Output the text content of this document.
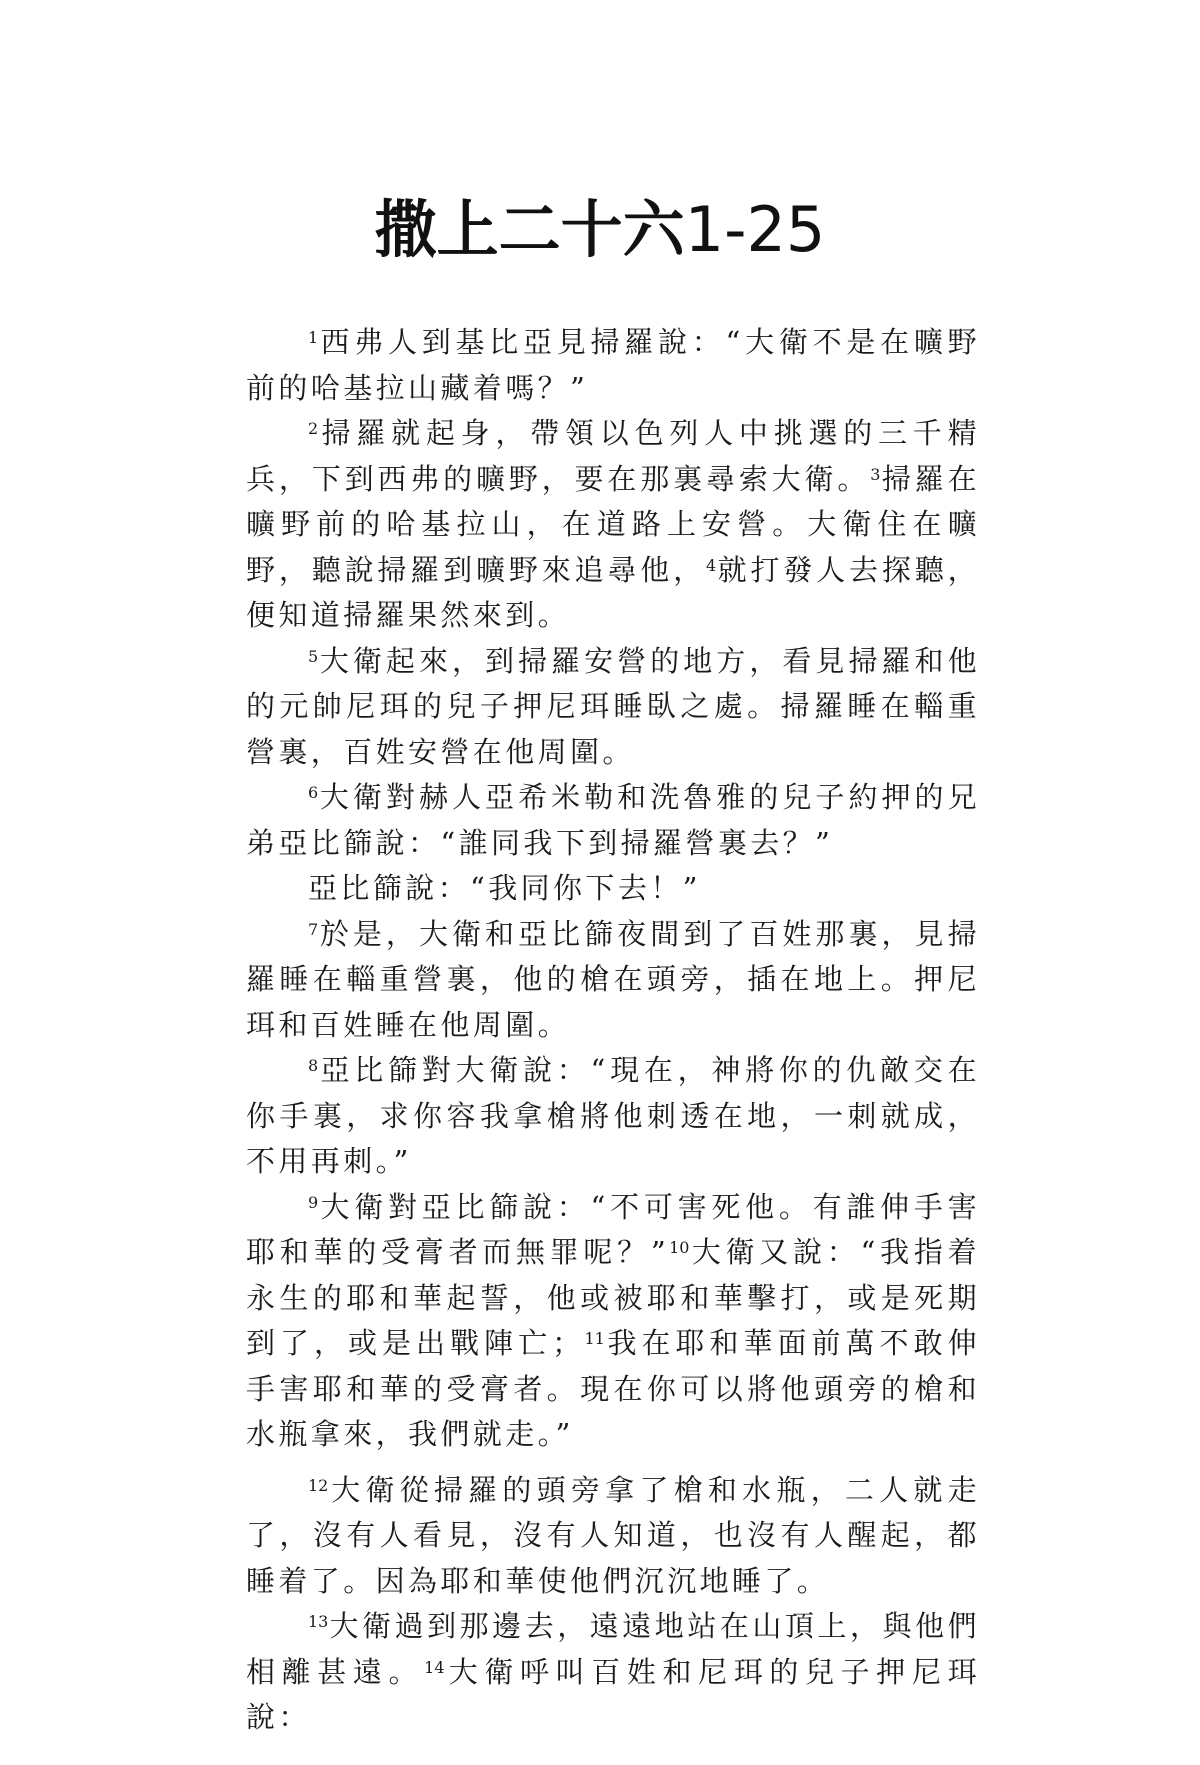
撒上二十六1-25

$^1$西弗人到基比亞見掃羅說：“大衛不是在曠野前的哈基拉山藏着嗎？”

$^2$掃羅就起身，帶領以色列人中挑選的三千精兵，下到西弗的曠野，要在那裏尋索大衛。$^3$掃羅在曠野前的哈基拉山，在道路上安營。大衛住在曠野，聽說掃羅到曠野來追尋他，$^4$就打發人去探聽，便知道掃羅果然來到。

$^5$大衛起來，到掃羅安營的地方，看見掃羅和他的元帥尼珥的兒子押尼珥睡臥之處。掃羅睡在輜重營裏，百姓安營在他周圍。

$^6$大衛對赫人亞希米勒和洗魯雅的兒子約押的兄弟亞比篩說：“誰同我下到掃羅營裏去？”

亞比篩說：“我同你下去！”

$^7$於是，大衛和亞比篩夜間到了百姓那裏，見掃羅睡在輜重營裏，他的槍在頭旁，插在地上。押尼珥和百姓睡在他周圍。

$^8$亞比篩對大衛說：“現在，神將你的仇敵交在你手裏，求你容我拿槍將他刺透在地，一刺就成，不用再刺。”

$^9$大衛對亞比篩說：“不可害死他。有誰伸手害耶和華的受膏者而無罪呢？”$^{10}$大衛又說：“我指着永生的耶和華起誓，他或被耶和華擊打，或是死期到了，或是出戰陣亡；$^{11}$我在耶和華面前萬不敢伸手害耶和華的受膏者。現在你可以將他頭旁的槍和水瓶拿來，我們就走。”

$^{12}$大衛從掃羅的頭旁拿了槍和水瓶，二人就走了，沒有人看見，沒有人知道，也沒有人醒起，都睡着了。因為耶和華使他們沉沉地睡了。

$^{13}$大衛過到那邊去，遠遠地站在山頂上，與他們相離甚遠。$^{14}$大衛呼叫百姓和尼珥的兒子押尼珥說：
